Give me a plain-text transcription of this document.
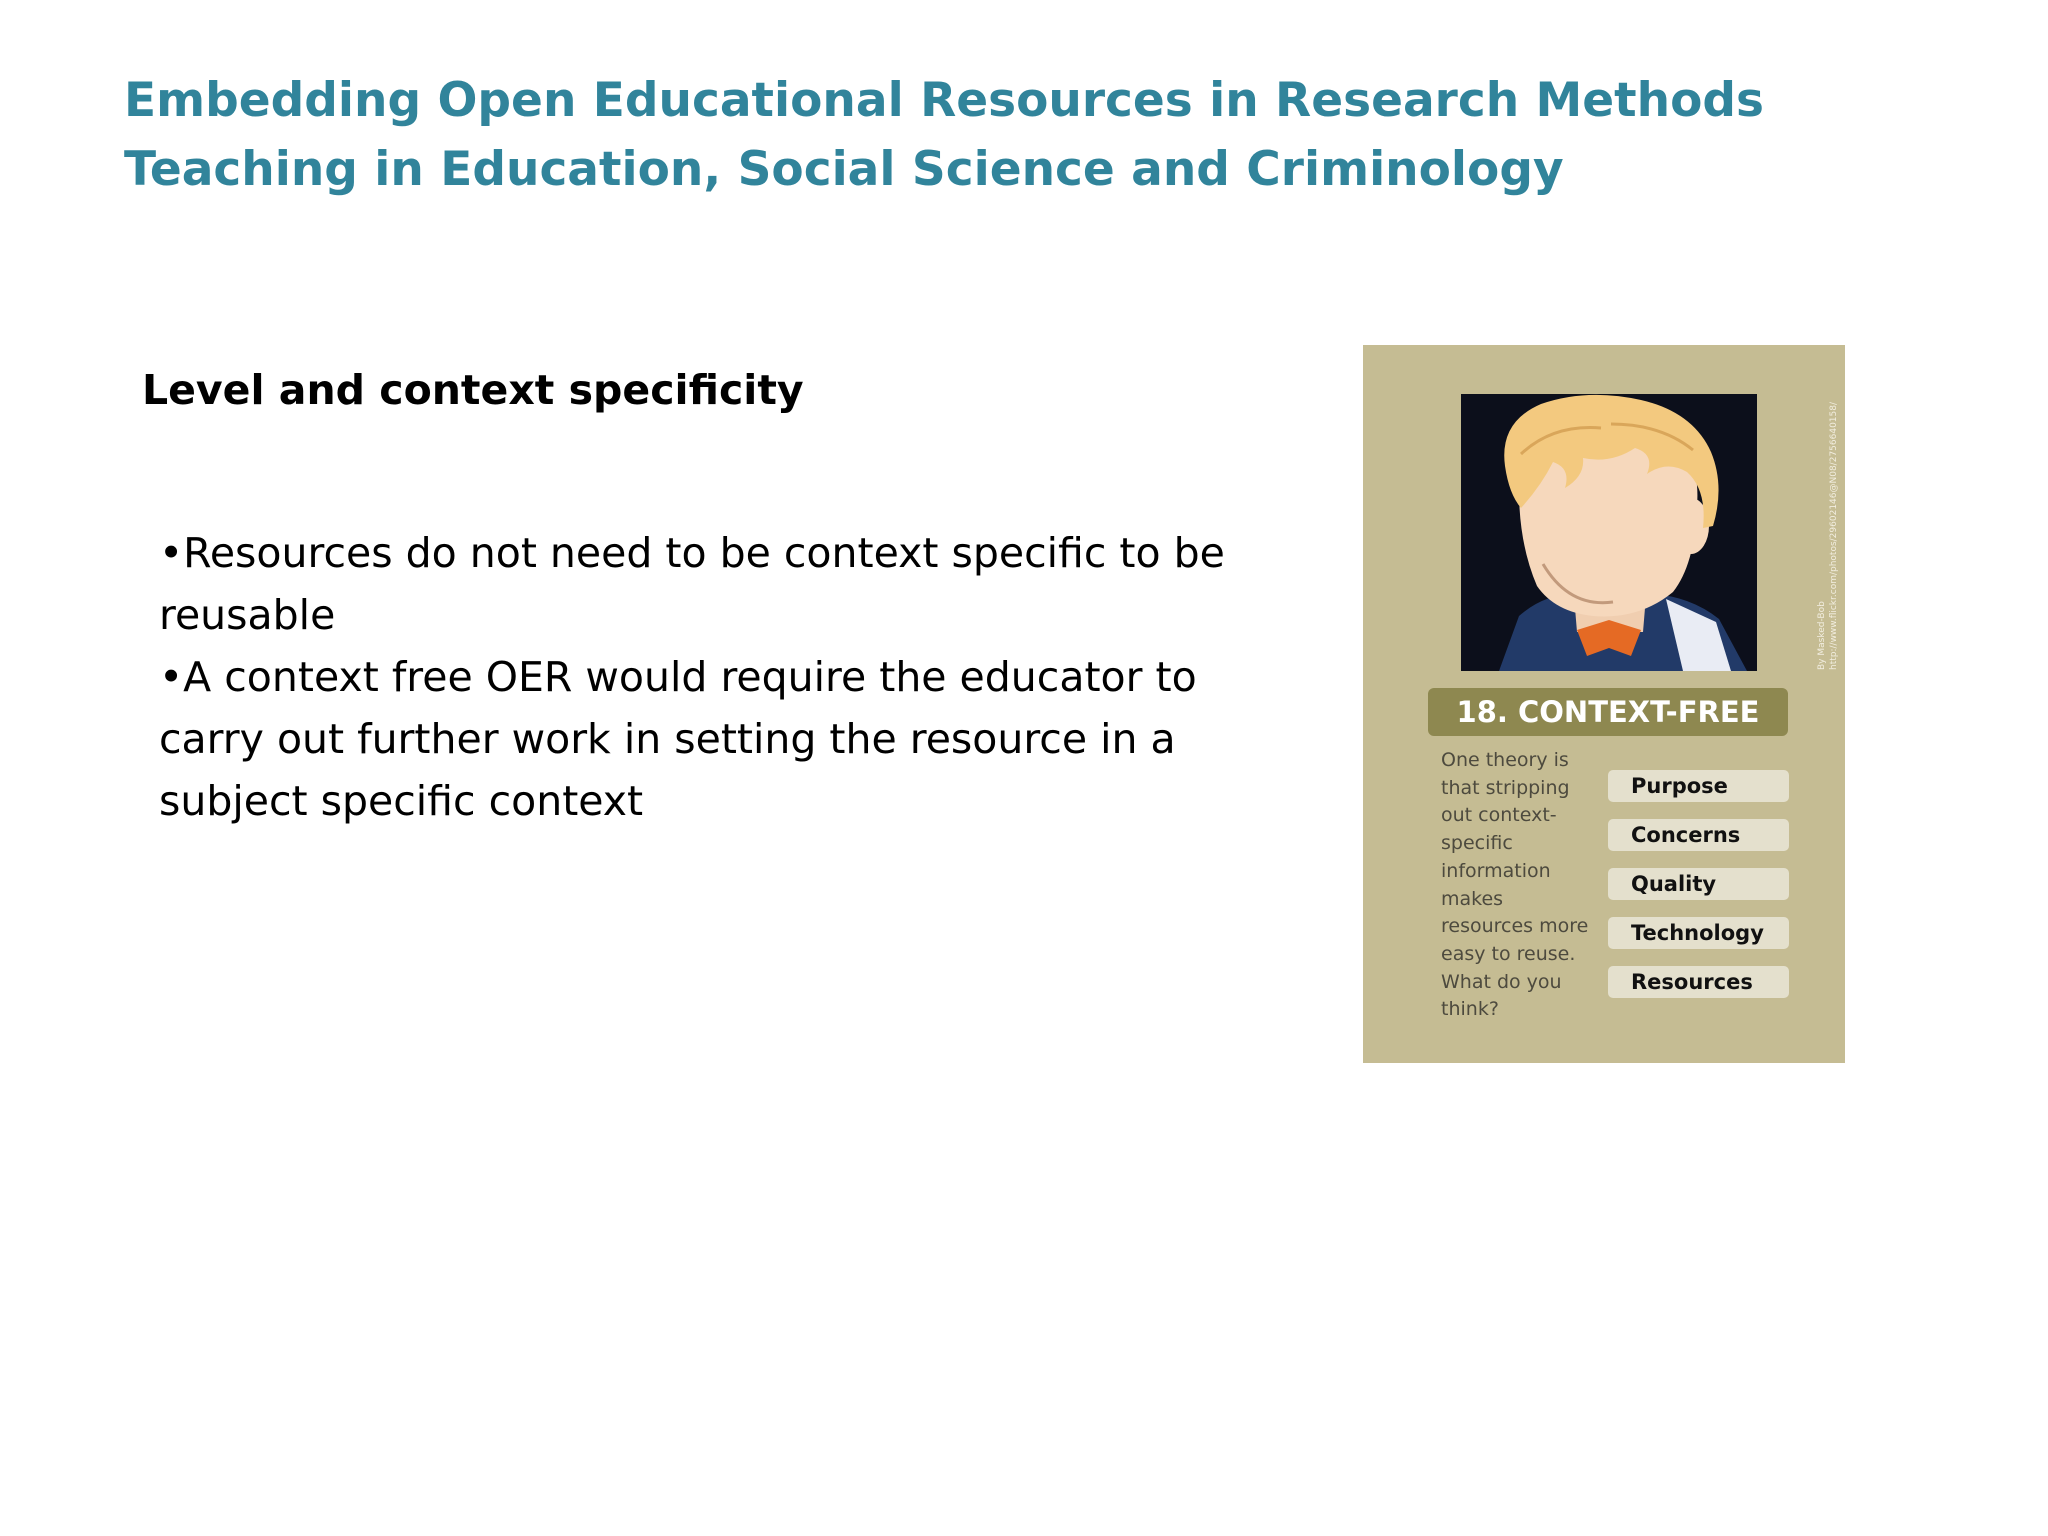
Embedding Open Educational Resources in Research Methods Teaching in Education, Social Science and Criminology
Level and context specificity
•Resources do not need to be context specific to be reusable
•A context free OER would require the educator to carry out further work in setting the resource in a subject specific context
By Masked-Bob http://www.flickr.com/photos/29602146@N08/2756640158/
18. CONTEXT-FREE

One theory is that stripping out context-specific information makes resources more easy to reuse. What do you think?

Purpose
Concerns
Quality
Technology
Resources
